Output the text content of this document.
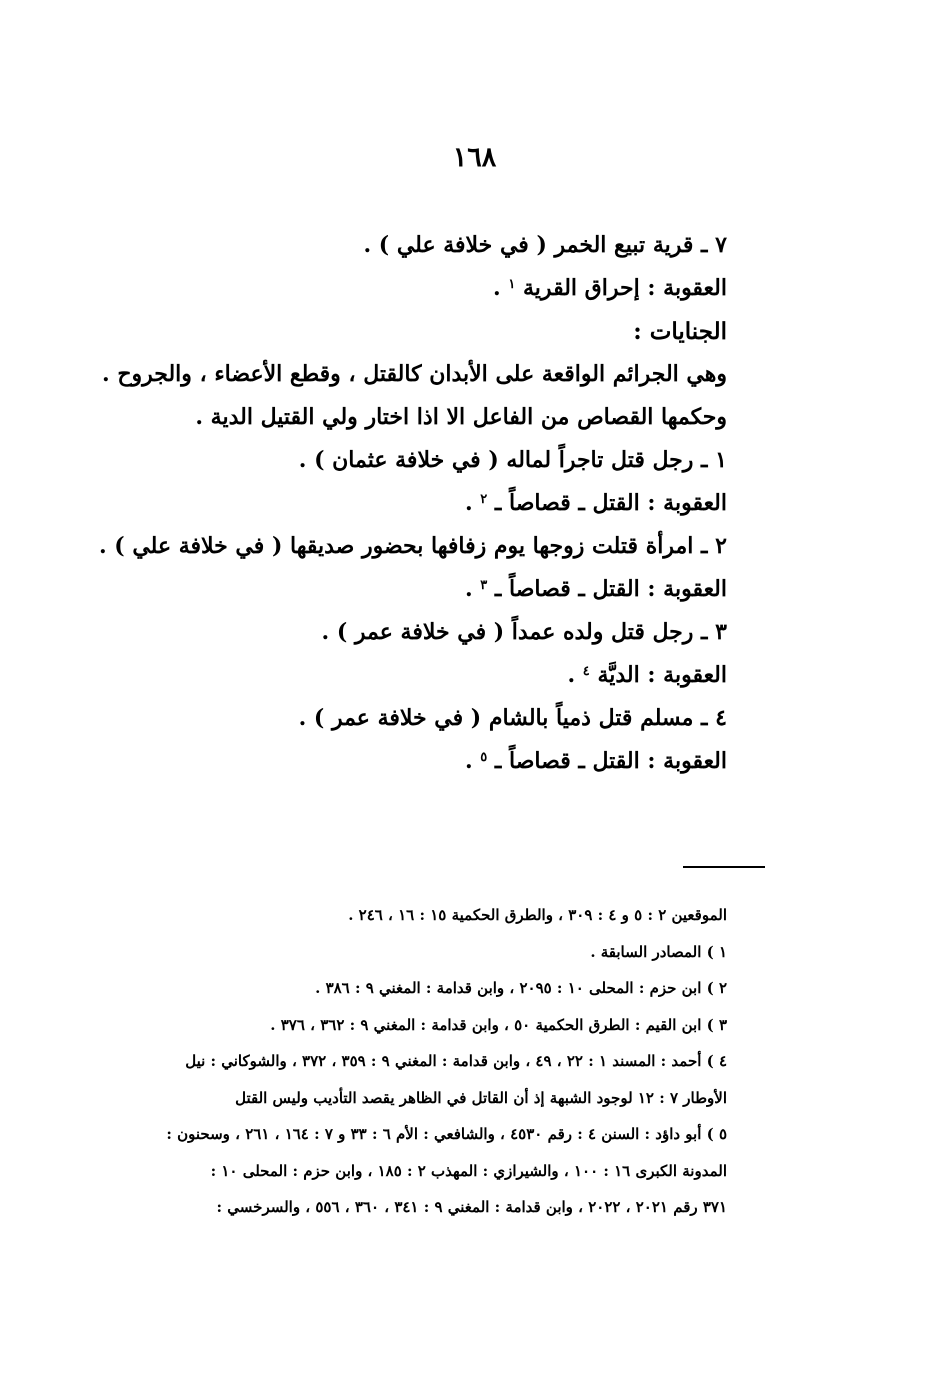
١٦٨
٧ ـ قرية تبيع الخمر ( في خلافة علي ) .
العقوبة : إحراق القرية $^١$ .
الجنايات :
وهي الجرائم الواقعة على الأبدان كالقتل ، وقطع الأعضاء ، والجروح .
وحكمها القصاص من الفاعل الا اذا اختار ولي القتيل الدية .
١ ـ رجل قتل تاجراً لماله ( في خلافة عثمان ) .
العقوبة : القتل ـ قصاصاً ـ $^٢$ .
٢ ـ امرأة قتلت زوجها يوم زفافها بحضور صديقها ( في خلافة علي ) .
العقوبة : القتل ـ قصاصاً ـ $^٣$ .
٣ ـ رجل قتل ولده عمداً ( في خلافة عمر ) .
العقوبة : الديَّة $^٤$ .
٤ ـ مسلم قتل ذمياً بالشام ( في خلافة عمر ) .
العقوبة : القتل ـ قصاصاً ـ $^٥$ .
الموقعين ٢ : ٥ و ٤ : ٣٠٩ ، والطرق الحكمية ١٥ : ١٦ ، ٢٤٦ .
١ ) المصادر السابقة .
٢ ) ابن حزم : المحلى ١٠ : ٢٠٩٥ ، وابن قدامة : المغني ٩ : ٣٨٦ .
٣ ) ابن القيم : الطرق الحكمية ٥٠ ، وابن قدامة : المغني ٩ : ٣٦٢ ، ٣٧٦ .
٤ ) أحمد : المسند ١ : ٢٢ ، ٤٩ ، وابن قدامة : المغني ٩ : ٣٥٩ ، ٣٧٢ ، والشوكاني : نيل
الأوطار ٧ : ١٢ لوجود الشبهة إذ أن القاتل في الظاهر يقصد التأديب وليس القتل
٥ ) أبو داؤد : السنن ٤ : رقم ٤٥٣٠ ، والشافعي : الأم ٦ : ٣٣ و ٧ : ١٦٤ ، ٢٦١ ، وسحنون :
المدونة الكبرى ١٦ : ١٠٠ ، والشيرازي : المهذب ٢ : ١٨٥ ، وابن حزم : المحلى ١٠ :
٣٧١ رقم ٢٠٢١ ، ٢٠٢٢ ، وابن قدامة : المغني ٩ : ٣٤١ ، ٣٦٠ ، ٥٥٦ ، والسرخسي :
